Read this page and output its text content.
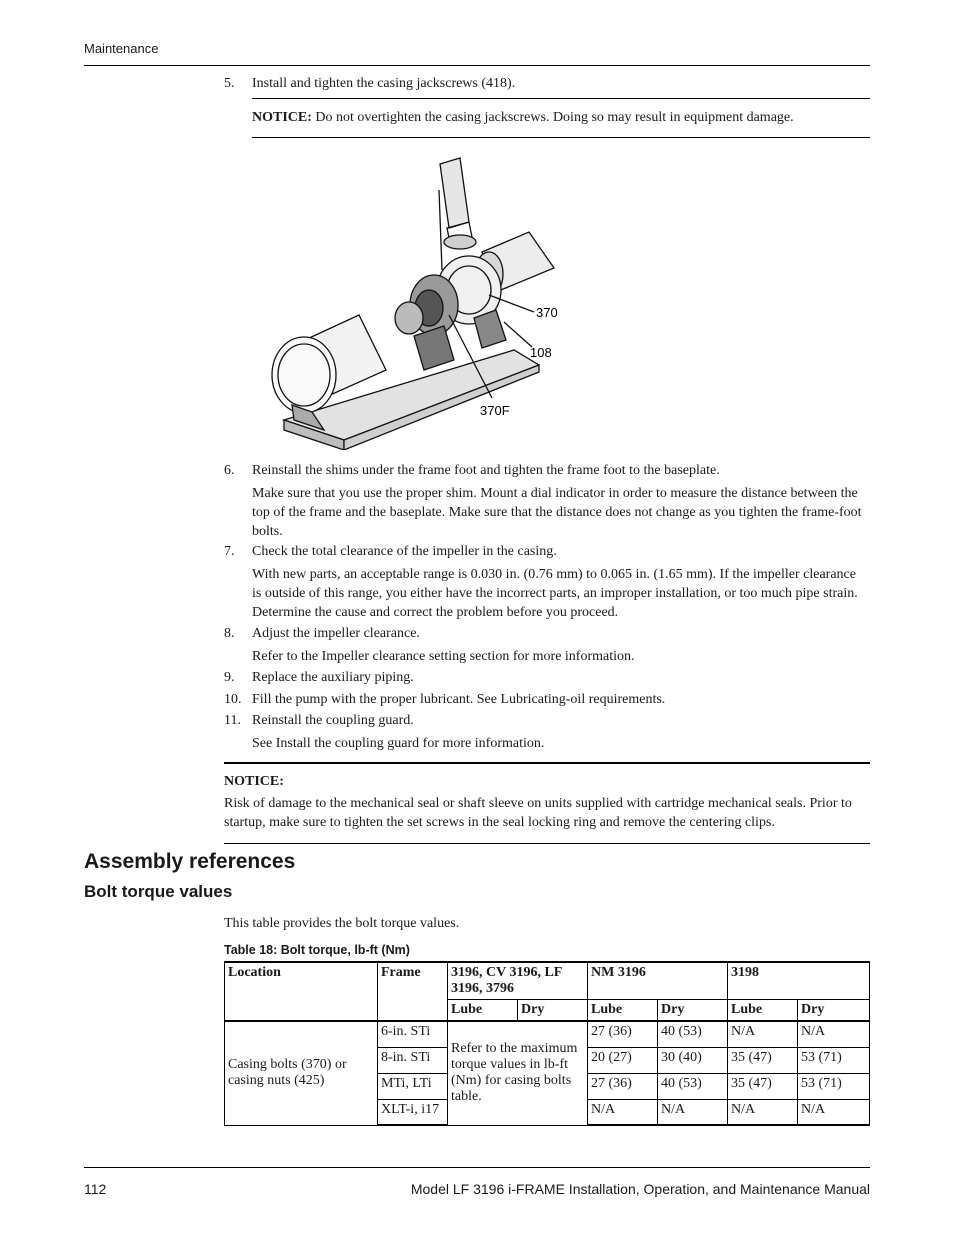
Maintenance
5. Install and tighten the casing jackscrews (418).
NOTICE: Do not overtighten the casing jackscrews. Doing so may result in equipment damage.
370
108
370F
6. Reinstall the shims under the frame foot and tighten the frame foot to the baseplate.
Make sure that you use the proper shim. Mount a dial indicator in order to measure the distance between the top of the frame and the baseplate. Make sure that the distance does not change as you tighten the frame-foot bolts.
7. Check the total clearance of the impeller in the casing.
With new parts, an acceptable range is 0.030 in. (0.76 mm) to 0.065 in. (1.65 mm). If the impeller clearance is outside of this range, you either have the incorrect parts, an improper installation, or too much pipe strain. Determine the cause and correct the problem before you proceed.
8. Adjust the impeller clearance.
Refer to the Impeller clearance setting section for more information.
9. Replace the auxiliary piping.
10. Fill the pump with the proper lubricant. See Lubricating-oil requirements.
11. Reinstall the coupling guard.
See Install the coupling guard for more information.
NOTICE:
Risk of damage to the mechanical seal or shaft sleeve on units supplied with cartridge mechanical seals. Prior to startup, make sure to tighten the set screws in the seal locking ring and remove the centering clips.
Assembly references
Bolt torque values
This table provides the bolt torque values.
Table 18: Bolt torque, lb-ft (Nm)
Location	Frame	3196, CV 3196, LF 3196, 3796		NM 3196		3198	
		Lube	Dry	Lube	Dry	Lube	Dry
Casing bolts (370) or casing nuts (425)	6-in. STi	Refer to the maximum torque values in lb-ft (Nm) for casing bolts table.		27 (36)	40 (53)	N/A	N/A
	8-in. STi			20 (27)	30 (40)	35 (47)	53 (71)
	MTi, LTi			27 (36)	40 (53)	35 (47)	53 (71)
	XLT-i, i17			N/A	N/A	N/A	N/A
112	Model LF 3196 i-FRAME Installation, Operation, and Maintenance Manual
